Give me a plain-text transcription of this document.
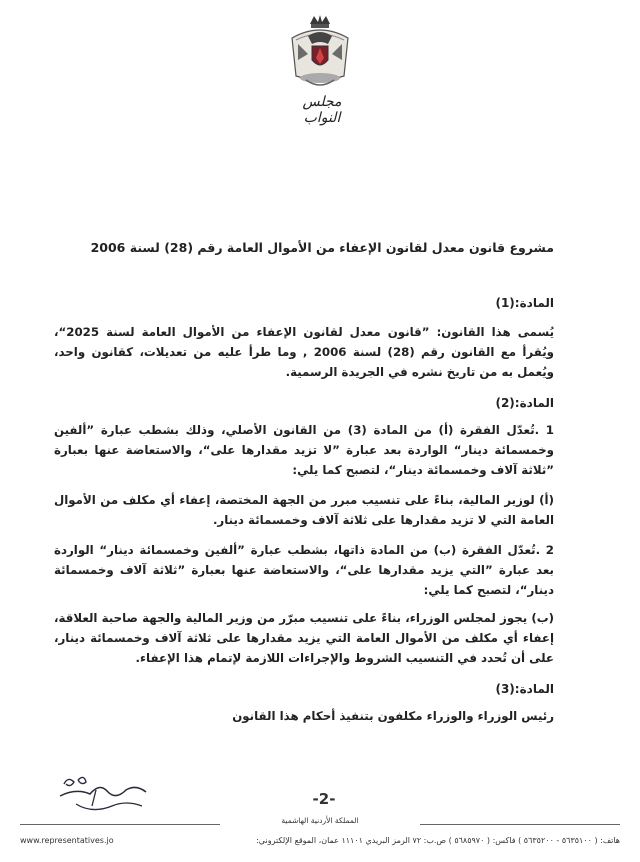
مجلس النواب
مشروع قانون معدل لقانون الإعفاء من الأموال العامة رقم (28) لسنة 2006
المادة:(1)
يُسمى هذا القانون: ”قانون معدل لقانون الإعفاء من الأموال العامة لسنة 2025“، ويُقرأ مع القانون رقم (28) لسنة 2006 , وما طرأ عليه من تعديلات، كقانون واحد، ويُعمل به من تاريخ نشره في الجريدة الرسمية.
المادة:(2)
1 .تُعدّل الفقرة (أ) من المادة (3) من القانون الأصلي، وذلك بشطب عبارة ”ألفين وخمسمائة دينار“ الواردة بعد عبارة ”لا تزيد مقدارها على“، والاستعاضة عنها بعبارة ”ثلاثة آلاف وخمسمائة دينار“، لتصبح كما يلي:
(أ) لوزير المالية، بناءً على تنسيب مبرر من الجهة المختصة، إعفاء أي مكلف من الأموال العامة التي لا تزيد مقدارها على ثلاثة آلاف وخمسمائة دينار.
2 .تُعدّل الفقرة (ب) من المادة ذاتها، بشطب عبارة ”ألفين وخمسمائة دينار“ الواردة بعد عبارة ”التي يزيد مقدارها على“، والاستعاضة عنها بعبارة ”ثلاثة آلاف وخمسمائة دينار“، لتصبح كما يلي:
(ب) يجوز لمجلس الوزراء، بناءً على تنسيب مبرّر من وزير المالية والجهة صاحبة العلاقة، إعفاء أي مكلف من الأموال العامة التي يزيد مقدارها على ثلاثة آلاف وخمسمائة دينار، على أن تُحدد في التنسيب الشروط والإجراءات اللازمة لإتمام هذا الإعفاء.
المادة:(3)
رئيس الوزراء والوزراء مكلفون بتنفيذ أحكام هذا القانون
-2-
المملكة الأردنية الهاشمية
www.representatives.jo	هاتف: ( ٥٦٣٥١٠٠ - ٥٦٣٥٢٠٠ ) فاكس: ( ٥٦٨٥٩٧٠ ) ص.ب: ٧٢ الرمز البريدي ١١١٠١ عمان، الموقع الإلكتروني:
